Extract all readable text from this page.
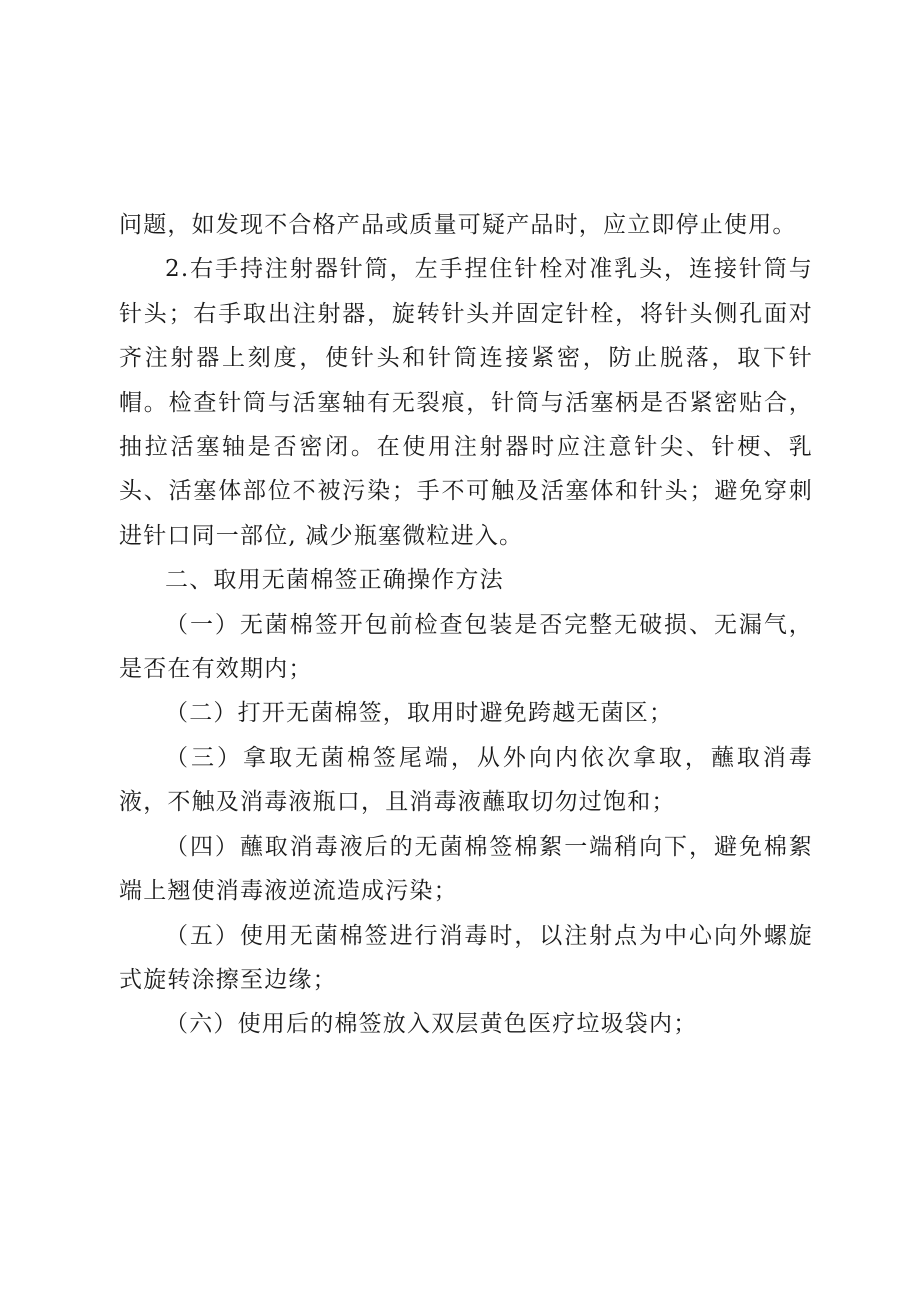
问题，如发现不合格产品或质量可疑产品时，应立即停止使用。

2.右手持注射器针筒，左手捏住针栓对准乳头，连接针筒与针头；右手取出注射器，旋转针头并固定针栓，将针头侧孔面对齐注射器上刻度，使针头和针筒连接紧密，防止脱落，取下针帽。检查针筒与活塞轴有无裂痕，针筒与活塞柄是否紧密贴合，抽拉活塞轴是否密闭。在使用注射器时应注意针尖、针梗、乳头、活塞体部位不被污染；手不可触及活塞体和针头；避免穿刺进针口同一部位, 减少瓶塞微粒进入。

二、取用无菌棉签正确操作方法

（一）无菌棉签开包前检查包装是否完整无破损、无漏气，是否在有效期内；

（二）打开无菌棉签，取用时避免跨越无菌区；

（三）拿取无菌棉签尾端，从外向内依次拿取，蘸取消毒液，不触及消毒液瓶口，且消毒液蘸取切勿过饱和；

（四）蘸取消毒液后的无菌棉签棉絮一端稍向下，避免棉絮端上翘使消毒液逆流造成污染；

（五）使用无菌棉签进行消毒时，以注射点为中心向外螺旋式旋转涂擦至边缘；

（六）使用后的棉签放入双层黄色医疗垃圾袋内；
